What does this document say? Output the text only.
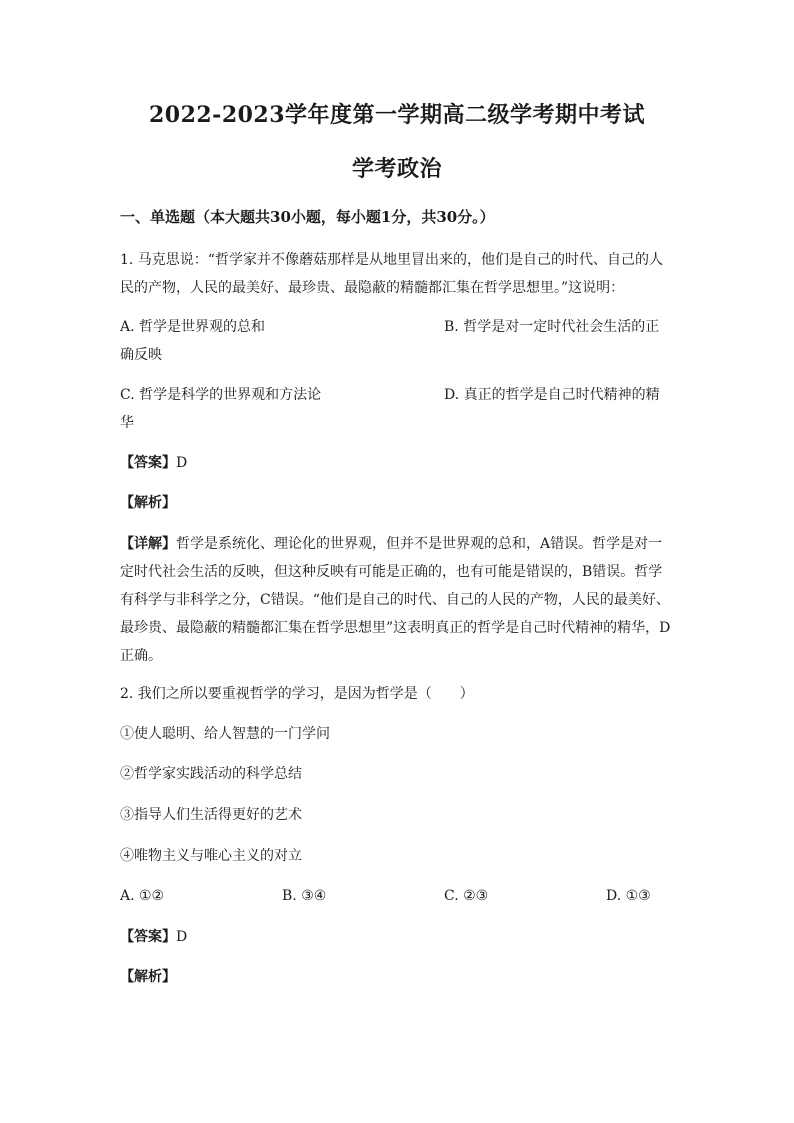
2022-2023学年度第一学期高二级学考期中考试
学考政治
一、单选题（本大题共30小题，每小题1分，共30分。）
1. 马克思说：“哲学家并不像蘑菇那样是从地里冒出来的，他们是自己的时代、自己的人
民的产物，人民的最美好、最珍贵、最隐蔽的精髓都汇集在哲学思想里。”这说明：
A. 哲学是世界观的总和	B. 哲学是对一定时代社会生活的正
确反映
C. 哲学是科学的世界观和方法论	D. 真正的哲学是自己时代精神的精
华
【答案】D
【解析】
【详解】哲学是系统化、理论化的世界观，但并不是世界观的总和，A错误。哲学是对一
定时代社会生活的反映，但这种反映有可能是正确的，也有可能是错误的，B错误。哲学
有科学与非科学之分，C错误。“他们是自己的时代、自己的人民的产物，人民的最美好、
最珍贵、最隐蔽的精髓都汇集在哲学思想里”这表明真正的哲学是自己时代精神的精华，D
正确。
2. 我们之所以要重视哲学的学习，是因为哲学是（　　）
①使人聪明、给人智慧的一门学问
②哲学家实践活动的科学总结
③指导人们生活得更好的艺术
④唯物主义与唯心主义的对立
A. ①②	B. ③④	C. ②③	D. ①③
【答案】D
【解析】
